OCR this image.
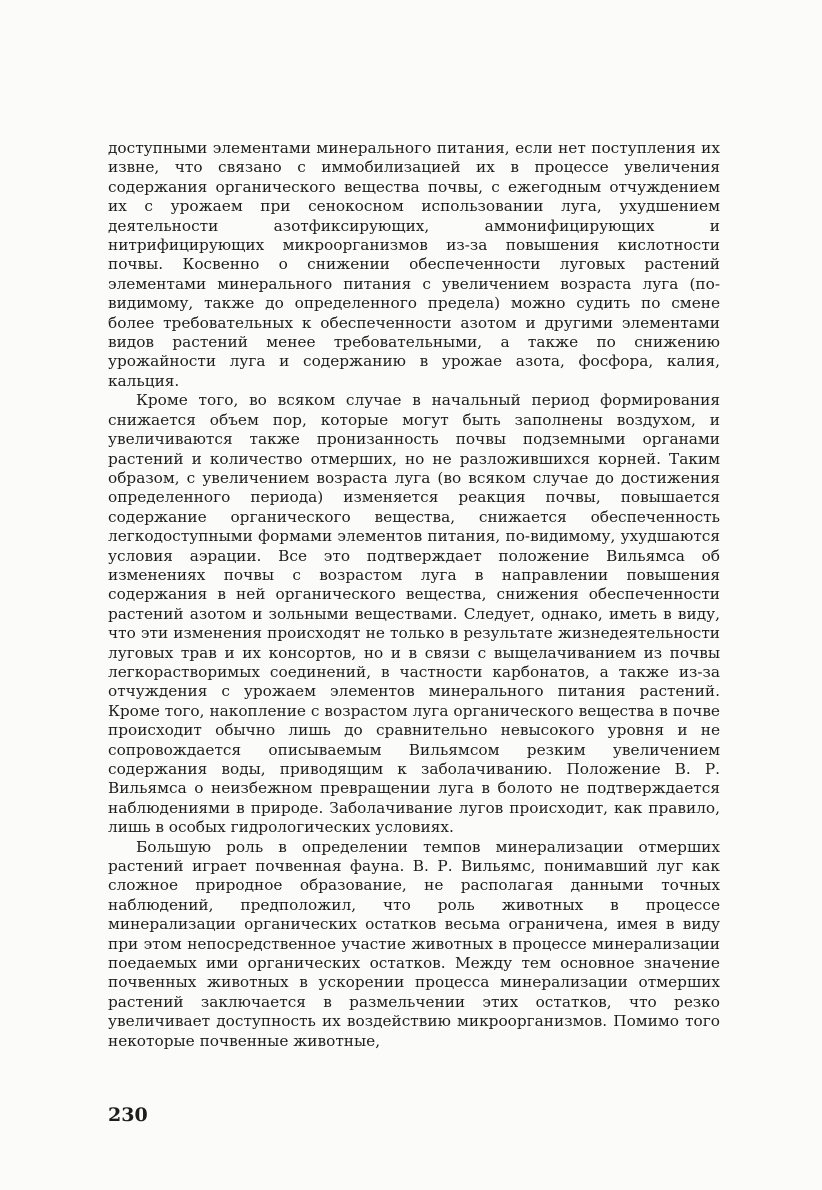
доступными элементами минерального питания, если нет поступления их извне, что связано с иммобилизацией их в процессе увеличения содержания органического вещества почвы, с ежегодным отчуждением их с урожаем при сенокосном использовании луга, ухудшением деятельности азотфиксирующих, аммонифицирующих и нитрифицирующих микроорганизмов из-за повышения кислотности почвы. Косвенно о снижении обеспеченности луговых растений элементами минерального питания с увеличением возраста луга (по-видимому, также до определенного предела) можно судить по смене более требовательных к обеспеченности азотом и другими элементами видов растений менее требовательными, а также по снижению урожайности луга и содержанию в урожае азота, фосфора, калия, кальция.

Кроме того, во всяком случае в начальный период формирования снижается объем пор, которые могут быть заполнены воздухом, и увеличиваются также пронизанность почвы подземными органами растений и количество отмерших, но не разложившихся корней. Таким образом, с увеличением возраста луга (во всяком случае до достижения определенного периода) изменяется реакция почвы, повышается содержание органического вещества, снижается обеспеченность легкодоступными формами элементов питания, по-видимому, ухудшаются условия аэрации. Все это подтверждает положение Вильямса об изменениях почвы с возрастом луга в направлении повышения содержания в ней органического вещества, снижения обеспеченности растений азотом и зольными веществами. Следует, однако, иметь в виду, что эти изменения происходят не только в результате жизнедеятельности луговых трав и их консортов, но и в связи с выщелачиванием из почвы легкорастворимых соединений, в частности карбонатов, а также из-за отчуждения с урожаем элементов минерального питания растений. Кроме того, накопление с возрастом луга органического вещества в почве происходит обычно лишь до сравнительно невысокого уровня и не сопровождается описываемым Вильямсом резким увеличением содержания воды, приводящим к заболачиванию. Положение В. Р. Вильямса о неизбежном превращении луга в болото не подтверждается наблюдениями в природе. Заболачивание лугов происходит, как правило, лишь в особых гидрологических условиях.

Большую роль в определении темпов минерализации отмерших растений играет почвенная фауна. В. Р. Вильямс, понимавший луг как сложное природное образование, не располагая данными точных наблюдений, предположил, что роль животных в процессе минерализации органических остатков весьма ограничена, имея в виду при этом непосредственное участие животных в процессе минерализации поедаемых ими органических остатков. Между тем основное значение почвенных животных в ускорении процесса минерализации отмерших растений заключается в размельчении этих остатков, что резко увеличивает доступность их воздействию микроорганизмов. Помимо того некоторые почвенные животные,

230
